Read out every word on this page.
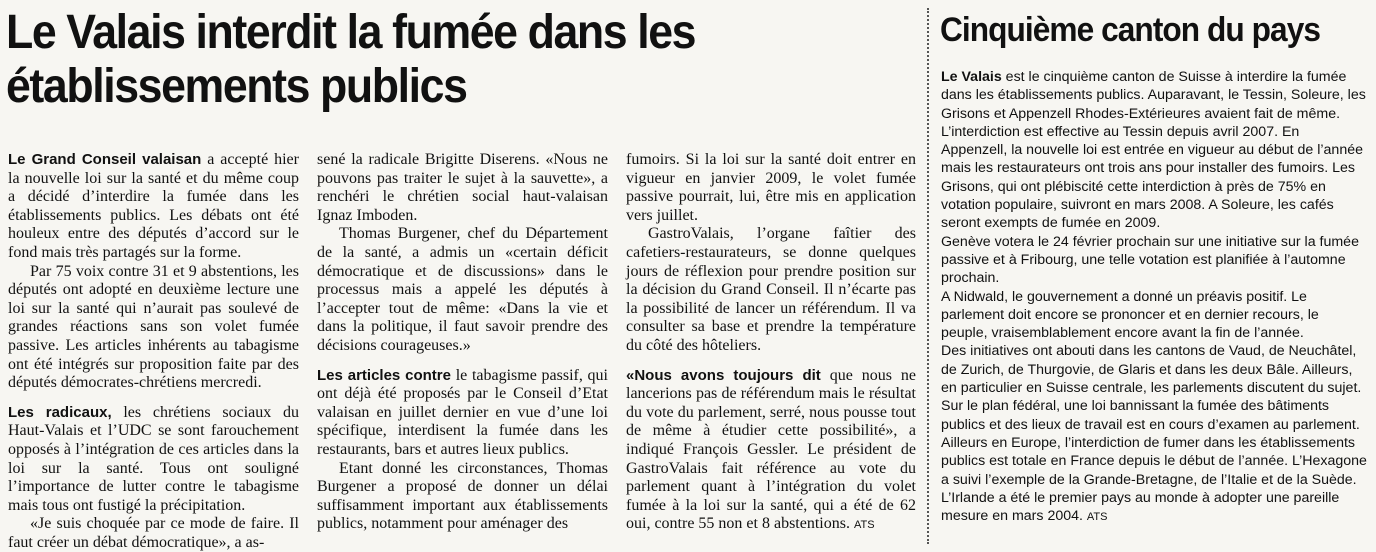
Le Valais interdit la fumée dans les établissements publics

Le Grand Conseil valaisan a accepté hier la nouvelle loi sur la santé et du même coup a décidé d’interdire la fumée dans les établissements publics. Les débats ont été houleux entre des députés d’accord sur le fond mais très partagés sur la forme.

Par 75 voix contre 31 et 9 abstentions, les députés ont adopté en deuxième lecture une loi sur la santé qui n’aurait pas soulevé de grandes réactions sans son volet fumée passive. Les articles inhérents au tabagisme ont été intégrés sur proposition faite par des députés démocrates-chrétiens mercredi.

Les radicaux, les chrétiens sociaux du Haut-Valais et l’UDC se sont farouchement opposés à l’intégration de ces articles dans la loi sur la santé. Tous ont souligné l’importance de lutter contre le tabagisme mais tous ont fustigé la précipitation.

«Je suis choquée par ce mode de faire. Il faut créer un débat démocratique», a as-

sené la radicale Brigitte Diserens. «Nous ne pouvons pas traiter le sujet à la sauvette», a renchéri le chrétien social haut-valaisan Ignaz Imboden.

Thomas Burgener, chef du Département de la santé, a admis un «certain déficit démocratique et de discussions» dans le processus mais a appelé les députés à l’accepter tout de même: «Dans la vie et dans la politique, il faut savoir prendre des décisions courageuses.»

Les articles contre le tabagisme passif, qui ont déjà été proposés par le Conseil d’Etat valaisan en juillet dernier en vue d’une loi spécifique, interdisent la fumée dans les restaurants, bars et autres lieux publics.

Etant donné les circonstances, Thomas Burgener a proposé de donner un délai suffisamment important aux établissements publics, notamment pour aménager des

fumoirs. Si la loi sur la santé doit entrer en vigueur en janvier 2009, le volet fumée passive pourrait, lui, être mis en application vers juillet.

GastroValais, l’organe faîtier des cafetiers-restaurateurs, se donne quelques jours de réflexion pour prendre position sur la décision du Grand Conseil. Il n’écarte pas la possibilité de lancer un référendum. Il va consulter sa base et prendre la température du côté des hôteliers.

«Nous avons toujours dit que nous ne lancerions pas de référendum mais le résultat du vote du parlement, serré, nous pousse tout de même à étudier cette possibilité», a indiqué François Gessler. Le président de GastroValais fait référence au vote du parlement quant à l’intégration du volet fumée à la loi sur la santé, qui a été de 62 oui, contre 55 non et 8 abstentions. ATS

Cinquième canton du pays

Le Valais est le cinquième canton de Suisse à interdire la fumée dans les établissements publics. Auparavant, le Tessin, Soleure, les Grisons et Appenzell Rhodes-Extérieures avaient fait de même. L’interdiction est effective au Tessin depuis avril 2007. En Appenzell, la nouvelle loi est entrée en vigueur au début de l’année mais les restaurateurs ont trois ans pour installer des fumoirs. Les Grisons, qui ont plébiscité cette interdiction à près de 75% en votation populaire, suivront en mars 2008. A Soleure, les cafés seront exempts de fumée en 2009.

Genève votera le 24 février prochain sur une initiative sur la fumée passive et à Fribourg, une telle votation est planifiée à l’automne prochain.

A Nidwald, le gouvernement a donné un préavis positif. Le parlement doit encore se prononcer et en dernier recours, le peuple, vraisemblablement encore avant la fin de l’année.

Des initiatives ont abouti dans les cantons de Vaud, de Neuchâtel, de Zurich, de Thurgovie, de Glaris et dans les deux Bâle. Ailleurs, en particulier en Suisse centrale, les parlements discutent du sujet.

Sur le plan fédéral, une loi bannissant la fumée des bâtiments publics et des lieux de travail est en cours d’examen au parlement.

Ailleurs en Europe, l’interdiction de fumer dans les établissements publics est totale en France depuis le début de l’année. L’Hexagone a suivi l’exemple de la Grande-Bretagne, de l’Italie et de la Suède. L’Irlande a été le premier pays au monde à adopter une pareille mesure en mars 2004. ATS
